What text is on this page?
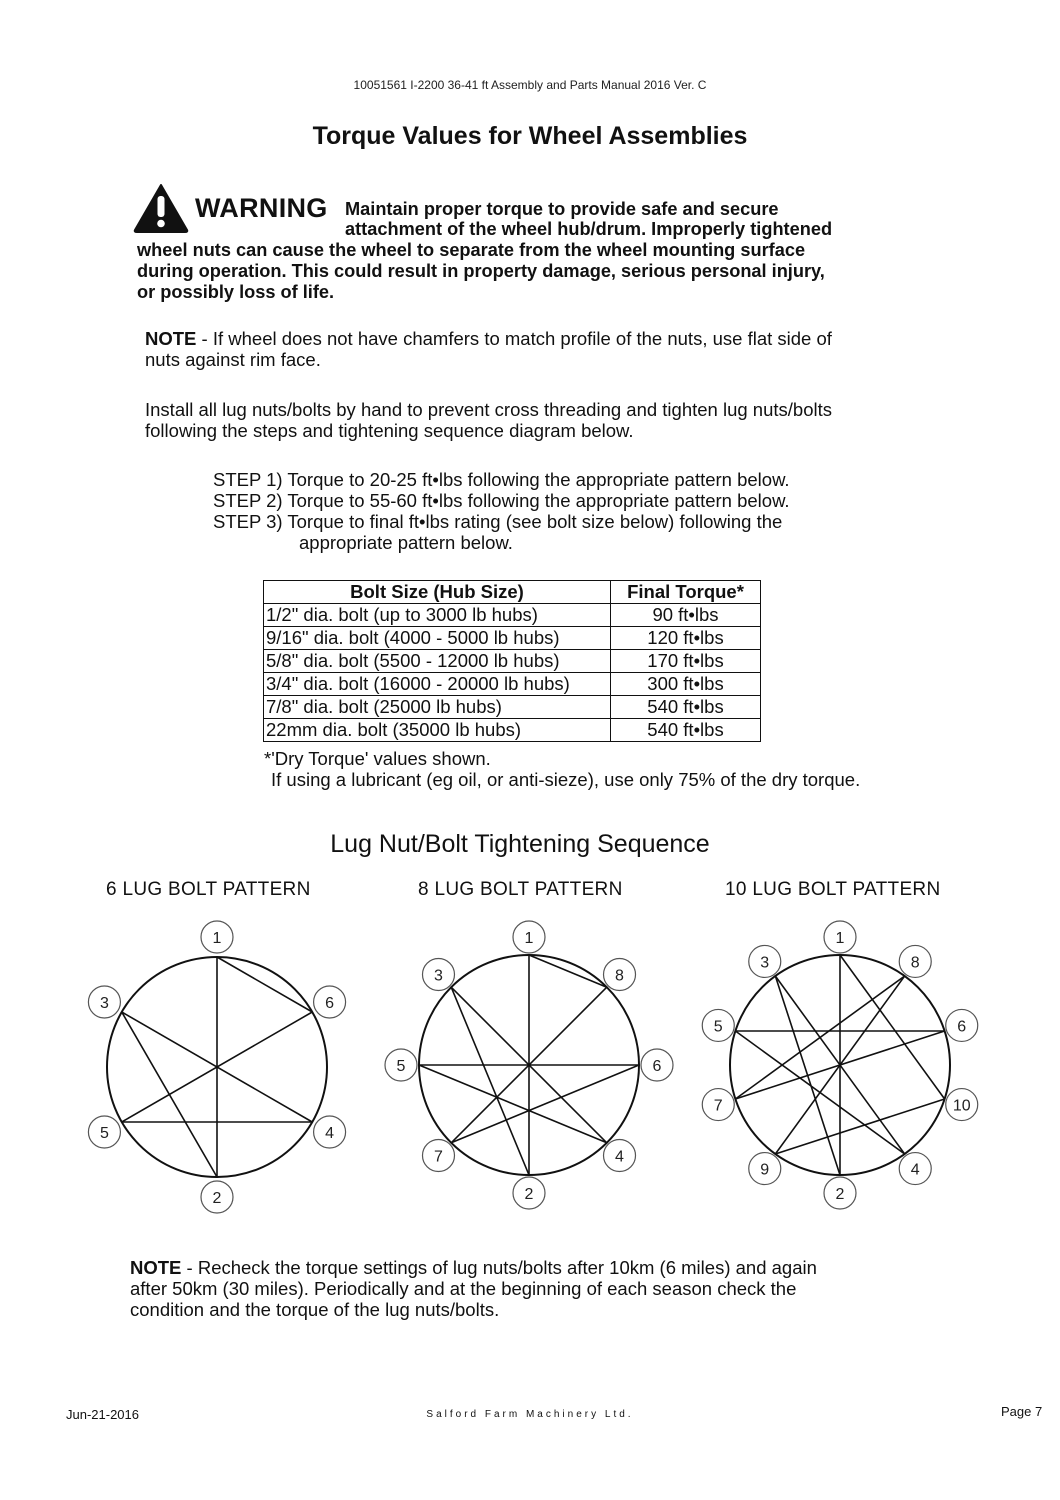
10051561 I-2200 36-41 ft Assembly and Parts Manual 2016 Ver. C
Torque Values for Wheel Assemblies
WARNING Maintain proper torque to provide safe and secure
attachment of the wheel hub/drum. Improperly tightened
wheel nuts can cause the wheel to separate from the wheel mounting surface
during operation. This could result in property damage, serious personal injury,
or possibly loss of life.
NOTE - If wheel does not have chamfers to match profile of the nuts, use flat side of
nuts against rim face.
Install all lug nuts/bolts by hand to prevent cross threading and tighten lug nuts/bolts
following the steps and tightening sequence diagram below.
STEP 1) Torque to 20-25 ft•lbs following the appropriate pattern below.
STEP 2) Torque to 55-60 ft•lbs following the appropriate pattern below.
STEP 3) Torque to final ft•lbs rating (see bolt size below) following the
appropriate pattern below.
Bolt Size (Hub Size)	Final Torque*
1/2" dia. bolt (up to 3000 lb hubs)	90 ft•lbs
9/16" dia. bolt (4000 - 5000 lb hubs)	120 ft•lbs
5/8" dia. bolt (5500 - 12000 lb hubs)	170 ft•lbs
3/4" dia. bolt (16000 - 20000 lb hubs)	300 ft•lbs
7/8" dia. bolt (25000 lb hubs)	540 ft•lbs
22mm dia. bolt (35000 lb hubs)	540 ft•lbs
*'Dry Torque' values shown.
If using a lubricant (eg oil, or anti-sieze), use only 75% of the dry torque.
Lug Nut/Bolt Tightening Sequence
6 LUG BOLT PATTERN	8 LUG BOLT PATTERN	10 LUG BOLT PATTERN
1
2
3
4
5
6
1
2
3
4
5	6
7
8
1
2
3
4
5	6
7
8
9
10
NOTE - Recheck the torque settings of lug nuts/bolts after 10km (6 miles) and again
after 50km (30 miles). Periodically and at the beginning of each season check the
condition and the torque of the lug nuts/bolts.
Jun-21-2016	Salford Farm Machinery Ltd.	Page 7
